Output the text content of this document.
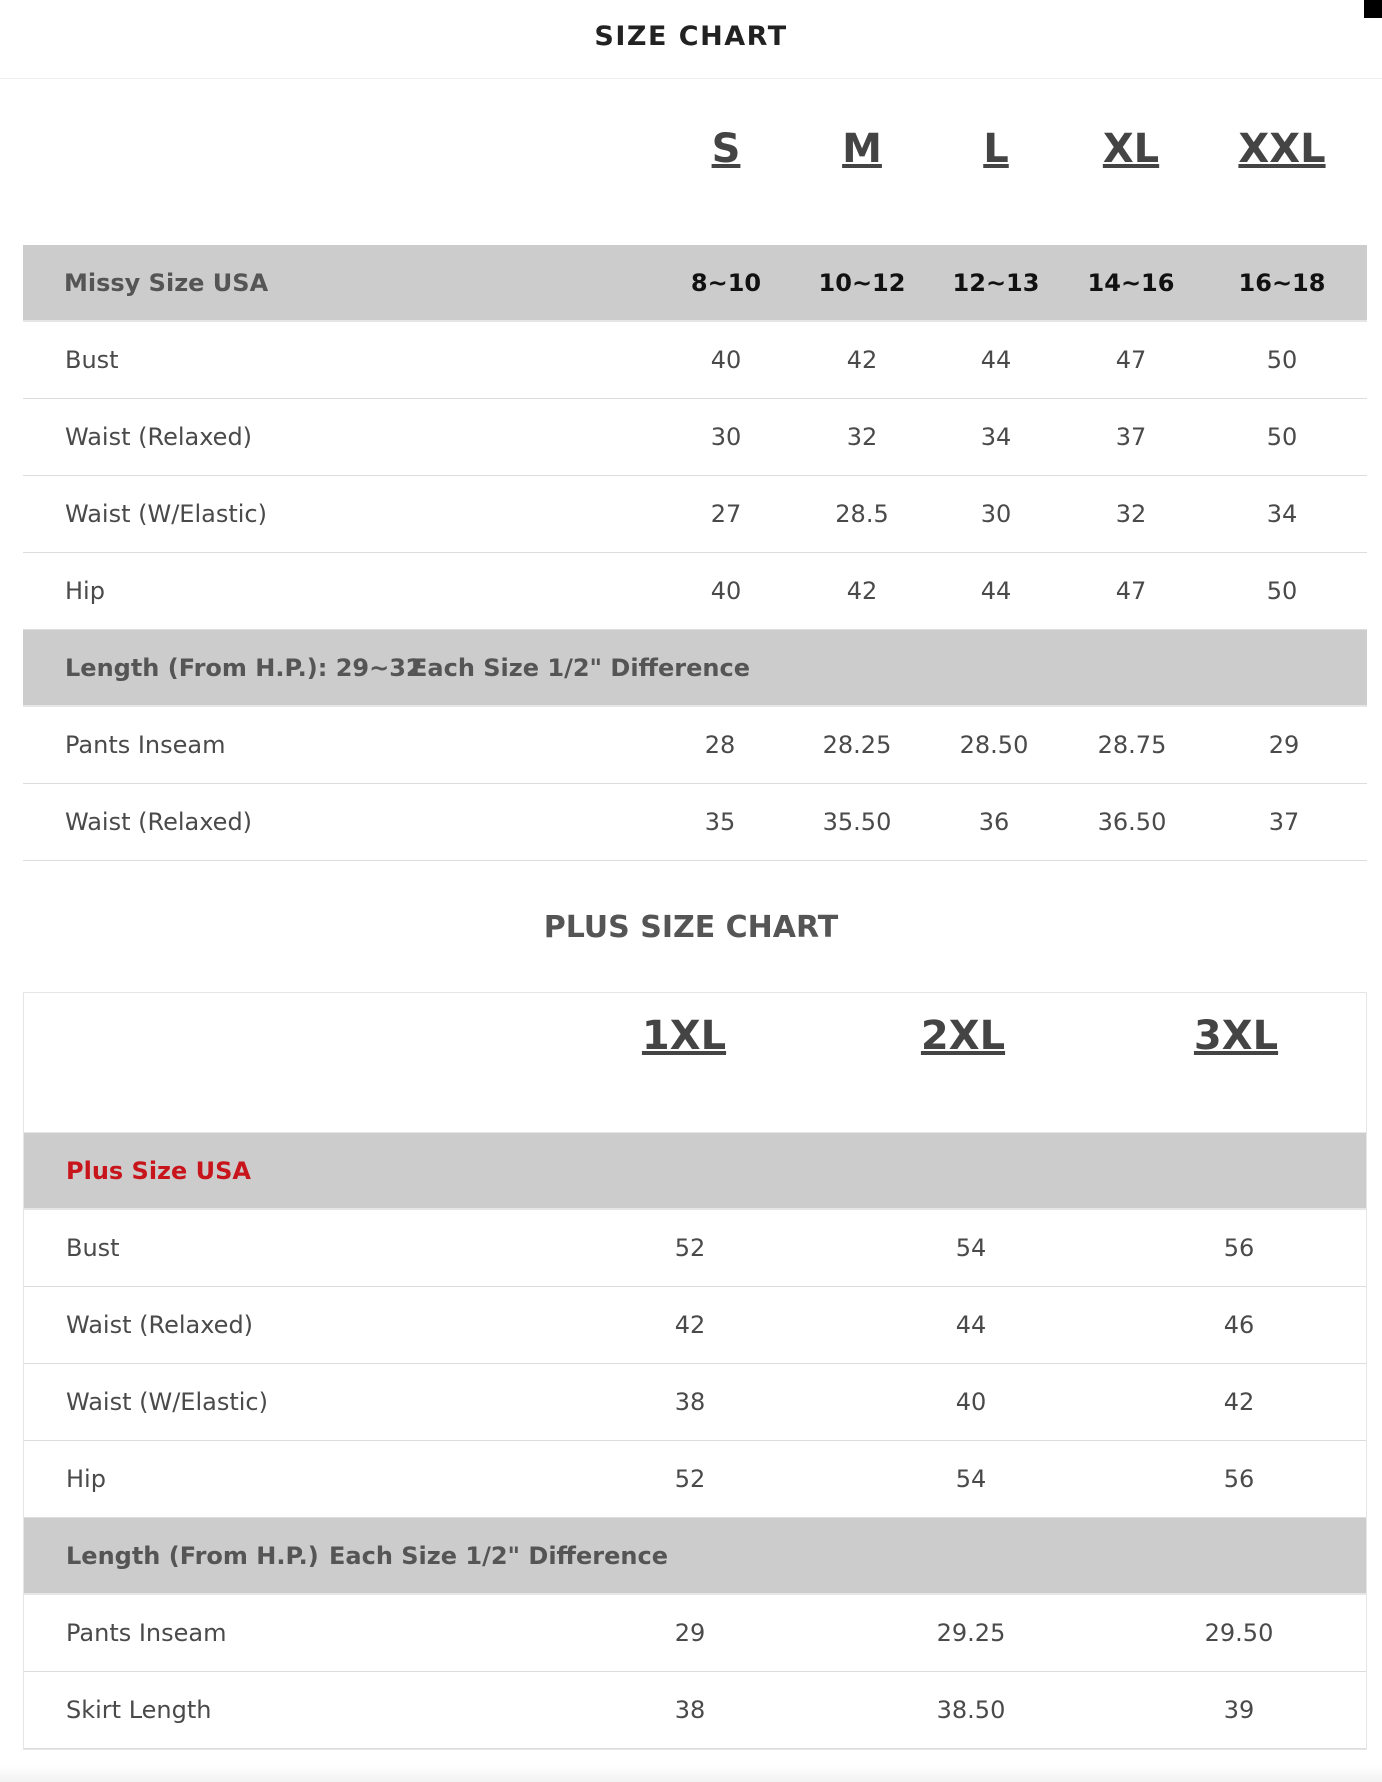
SIZE CHART
S	M	L XL XXL
Missy Size USA	8~10 10~12 12~13 14~16	16~18
Bust	40	42	44	47	50
Waist (Relaxed)	30	32	34	37	50
Waist (W/Elastic)	27	28.5	30	32	34
Hip	40	42	44	47	50
Length (From H.P.): 29~32
Each Size 1/2" Difference
Pants Inseam	28	28.25	28.50	28.75	29
Waist (Relaxed)	35	35.50	36	36.50	37
PLUS SIZE CHART
1XL	2XL	3XL
Plus Size USA
Bust	52	54	56
Waist (Relaxed)	42	44	46
Waist (W/Elastic)	38	40	42
Hip	52	54	56
Length (From H.P.) Each Size 1/2" Difference
Pants Inseam	29	29.25	29.50
Skirt Length	38	38.50	39
